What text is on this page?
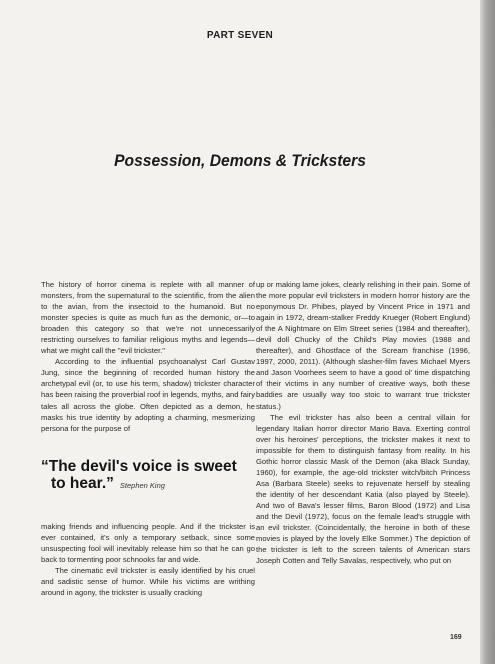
PART SEVEN
Possession, Demons & Tricksters

The history of horror cinema is replete with all manner of monsters, from the supernatural to the scientific, from the alien to the avian, from the insectoid to the humanoid. But no monster species is quite as much fun as the demonic, or—to broaden this category so that we're not unnecessarily restricting ourselves to familiar religious myths and legends—what we might call the "evil trickster."

According to the influential psychoanalyst Carl Gustav Jung, since the beginning of recorded human history the archetypal evil (or, to use his term, shadow) trickster character has been raising the proverbial roof in legends, myths, and fairy tales all across the globe. Often depicted as a demon, he masks his true identity by adopting a charming, mesmerizing persona for the purpose of

“The devil's voice is sweet
to hear.” Stephen King

making friends and influencing people. And if the trickster is ever contained, it's only a temporary setback, since some unsuspecting fool will inevitably release him so that he can go back to tormenting poor schnooks far and wide.

The cinematic evil trickster is easily identified by his cruel and sadistic sense of humor. While his victims are writhing around in agony, the trickster is usually cracking

up or making lame jokes, clearly relishing in their pain. Some of the more popular evil tricksters in modern horror history are the eponymous Dr. Phibes, played by Vincent Price in 1971 and again in 1972, dream-stalker Freddy Krueger (Robert Englund) of the A Nightmare on Elm Street series (1984 and thereafter), devil doll Chucky of the Child's Play movies (1988 and thereafter), and Ghostface of the Scream franchise (1996, 1997, 2000, 2011). (Although slasher-film faves Michael Myers and Jason Voorhees seem to have a good ol' time dispatching of their victims in any number of creative ways, both these baddies are usually way too stoic to warrant true trickster status.)

The evil trickster has also been a central villain for legendary Italian horror director Mario Bava. Exerting control over his heroines' perceptions, the trickster makes it next to impossible for them to distinguish fantasy from reality. In his Gothic horror classic Mask of the Demon (aka Black Sunday, 1960), for example, the age-old trickster witch/bitch Princess Asa (Barbara Steele) seeks to rejuvenate herself by stealing the identity of her descendant Katia (also played by Steele). And two of Bava's lesser films, Baron Blood (1972) and Lisa and the Devil (1972), focus on the female lead's struggle with an evil trickster. (Coincidentally, the heroine in both of these movies is played by the lovely Elke Sommer.) The depiction of the trickster is left to the screen talents of American stars Joseph Cotten and Telly Savalas, respectively, who put on

169
